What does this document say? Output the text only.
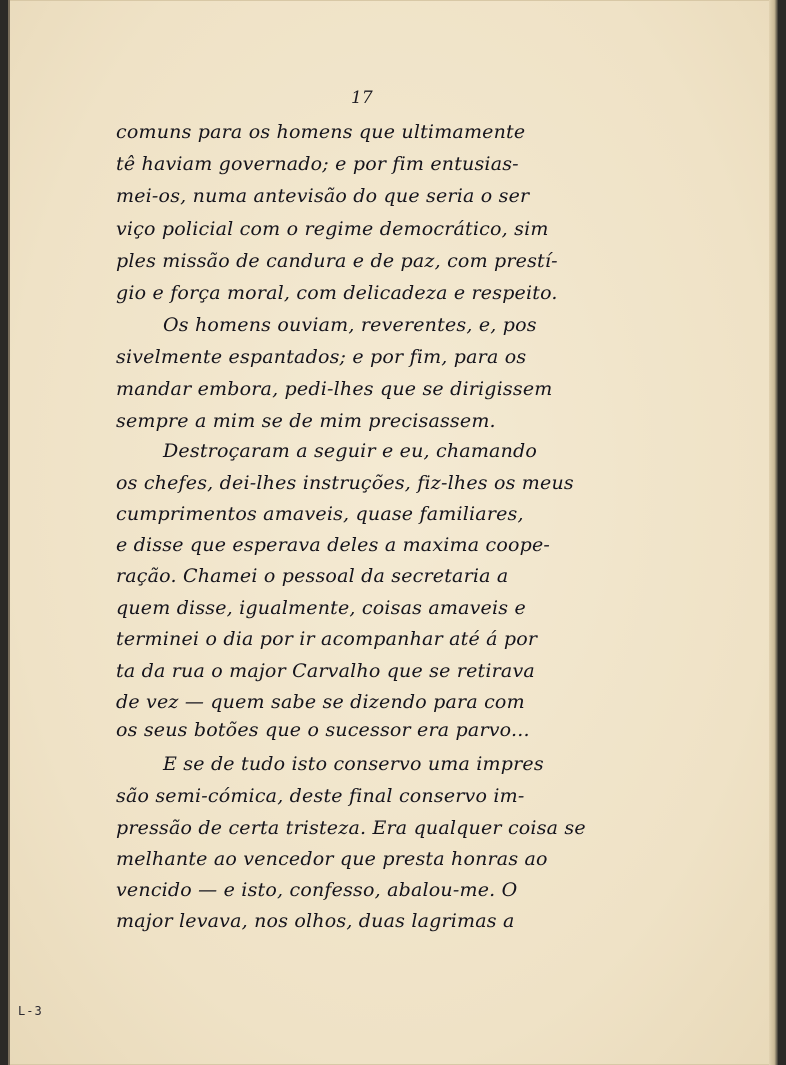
17
comuns para os homens que ultimamente
tê haviam governado; e por fim entusias-
mei-os, numa antevisão do que seria o ser
viço policial com o regime democrático, sim
ples missão de candura e de paz, com prestí-
gio e força moral, com delicadeza e respeito.
Os homens ouviam, reverentes, e, pos
sivelmente espantados; e por fim, para os
mandar embora, pedi-lhes que se dirigissem
sempre a mim se de mim precisassem.
Destroçaram a seguir e eu, chamando
os chefes, dei-lhes instruções, fiz-lhes os meus
cumprimentos amaveis, quase familiares,
e disse que esperava deles a maxima coope-
ração. Chamei o pessoal da secretaria a
quem disse, igualmente, coisas amaveis e
terminei o dia por ir acompanhar até á por
ta da rua o major Carvalho que se retirava
de vez — quem sabe se dizendo para com
os seus botões que o sucessor era parvo...
E se de tudo isto conservo uma impres
são semi-cómica, deste final conservo im-
pressão de certa tristeza. Era qualquer coisa se
melhante ao vencedor que presta honras ao
vencido — e isto, confesso, abalou-me. O
major levava, nos olhos, duas lagrimas a
L-3
